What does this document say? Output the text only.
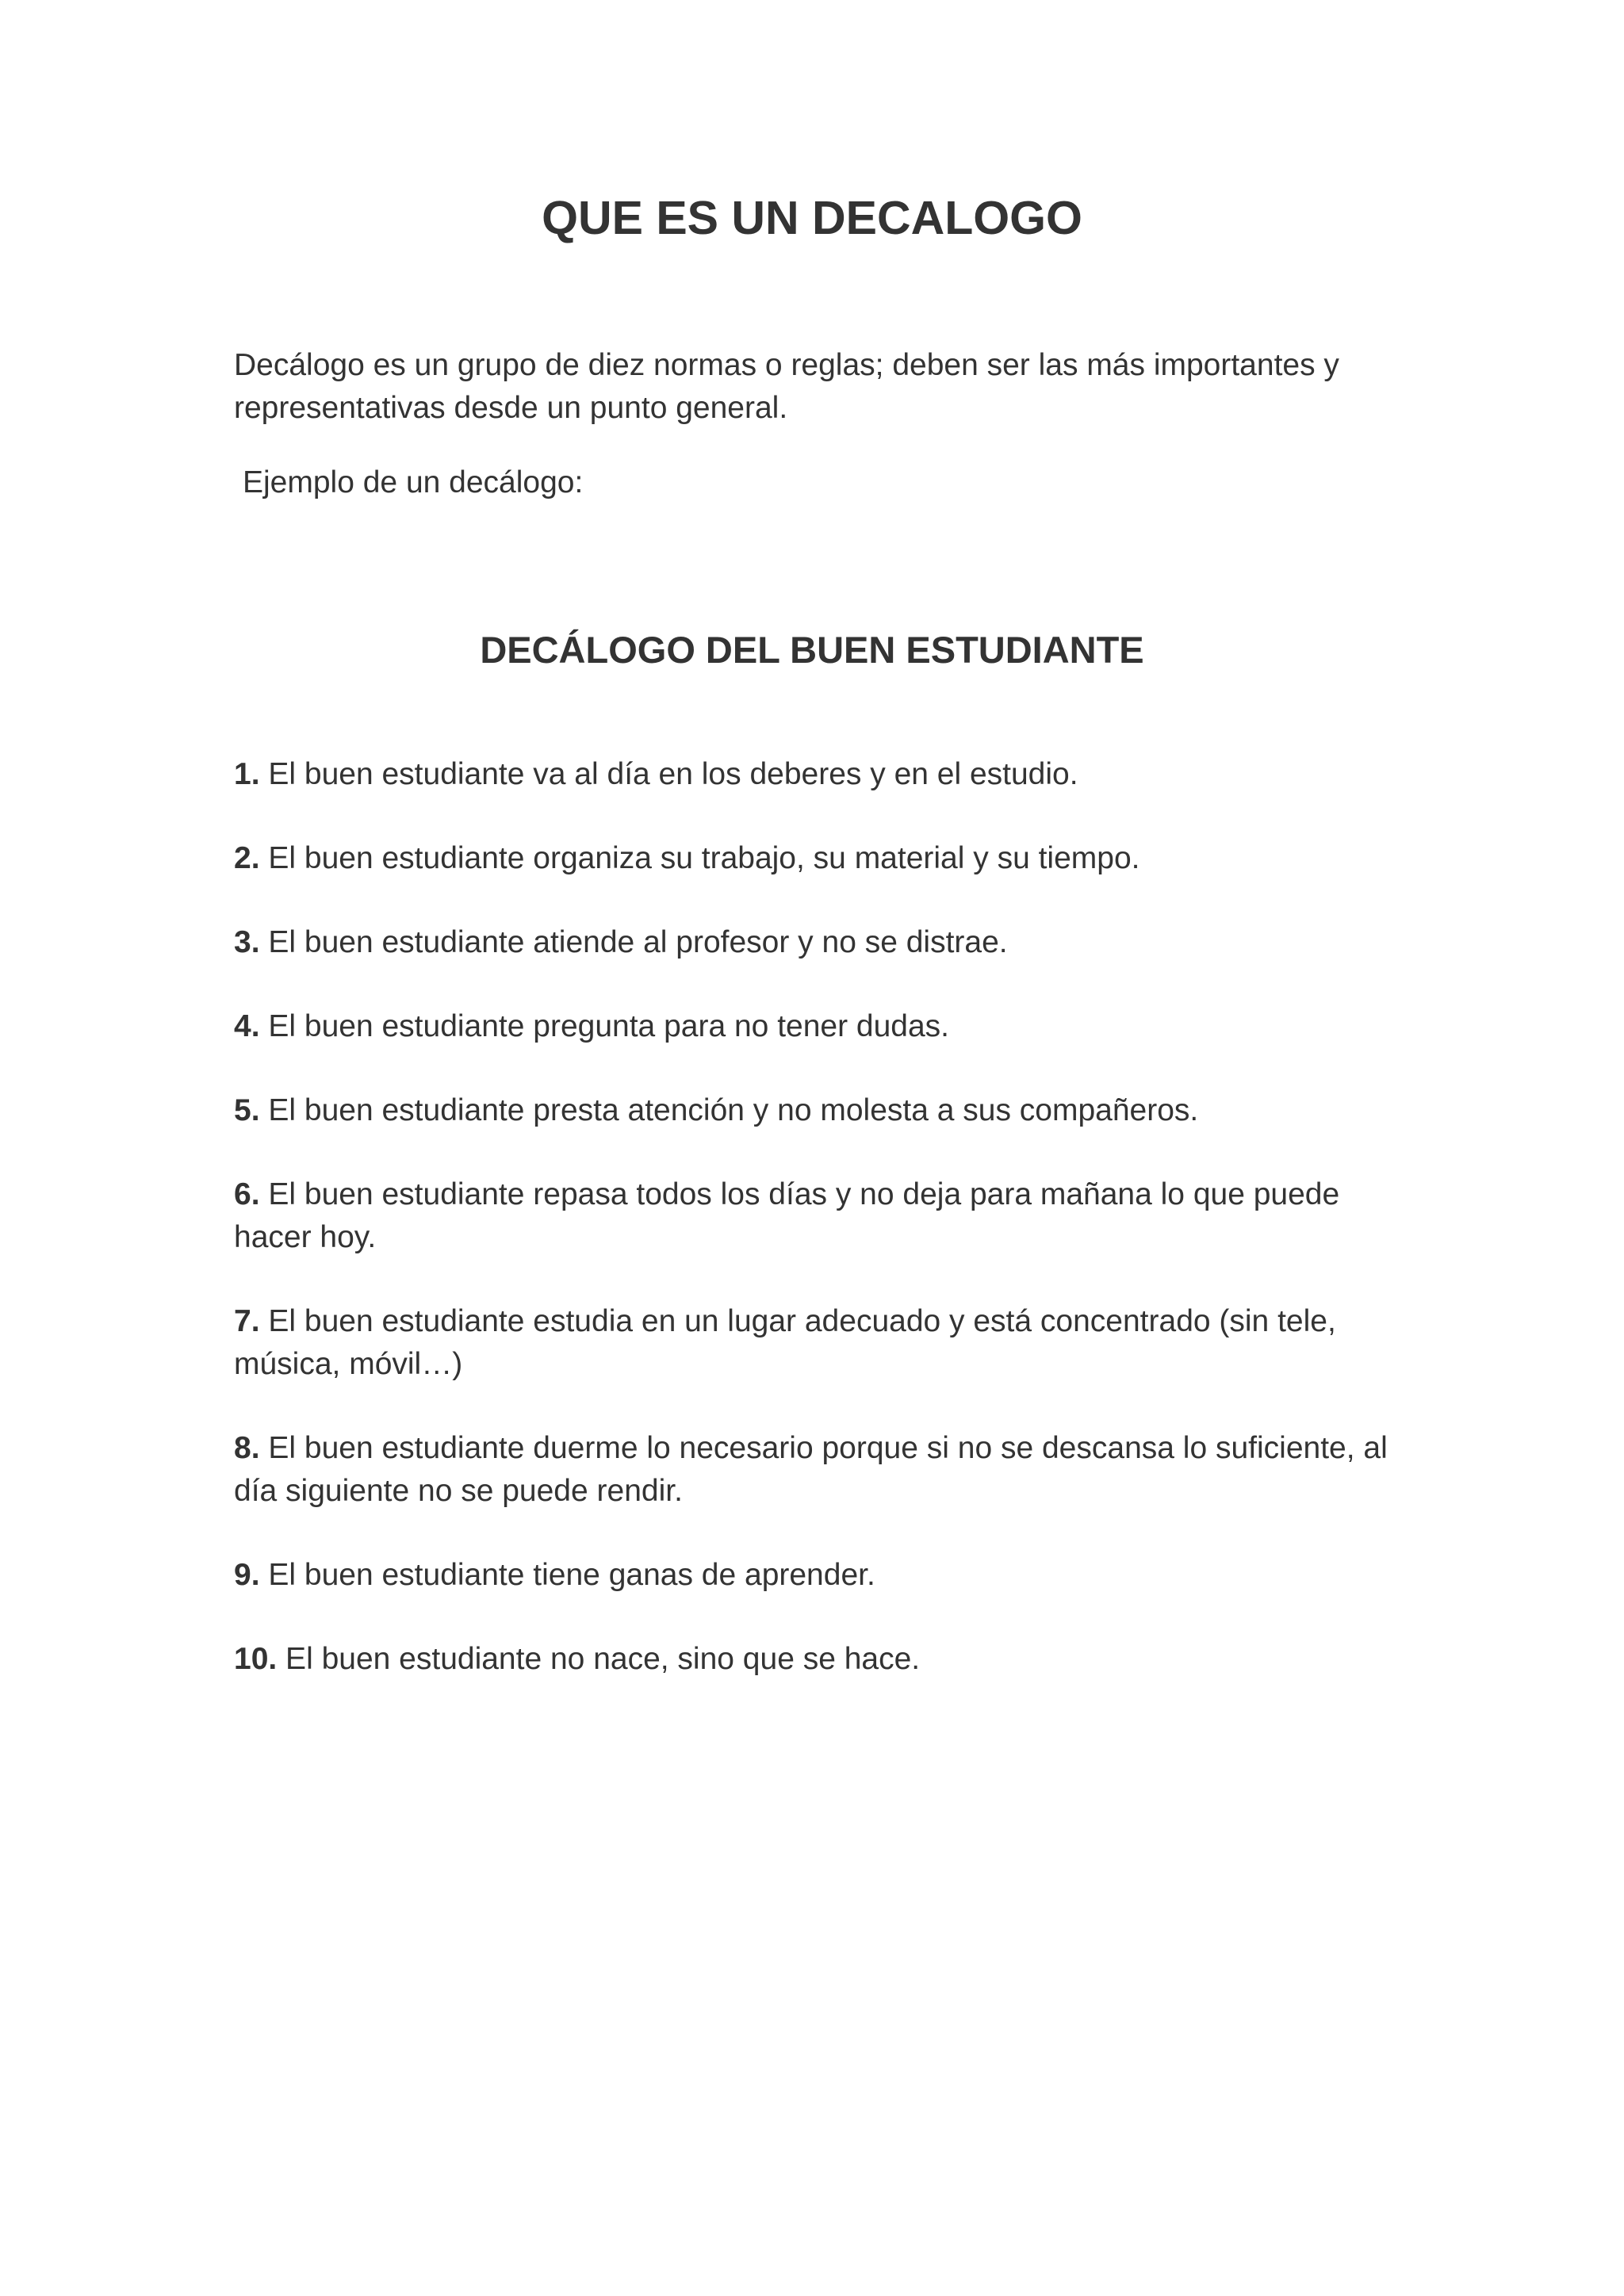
QUE ES UN DECALOGO

Decálogo es un grupo de diez normas o reglas; deben ser las más importantes y representativas desde un punto general.

Ejemplo de un decálogo:

DECÁLOGO DEL BUEN ESTUDIANTE
1. El buen estudiante va al día en los deberes y en el estudio.
2. El buen estudiante organiza su trabajo, su material y su tiempo.
3. El buen estudiante atiende al profesor y no se distrae.
4. El buen estudiante pregunta para no tener dudas.
5. El buen estudiante presta atención y no molesta a sus compañeros.
6. El buen estudiante repasa todos los días y no deja para mañana lo que puede hacer hoy.
7. El buen estudiante estudia en un lugar adecuado y está concentrado (sin tele, música, móvil…)
8. El buen estudiante duerme lo necesario porque si no se descansa lo suficiente, al día siguiente no se puede rendir.
9. El buen estudiante tiene ganas de aprender.
10. El buen estudiante no nace, sino que se hace.
